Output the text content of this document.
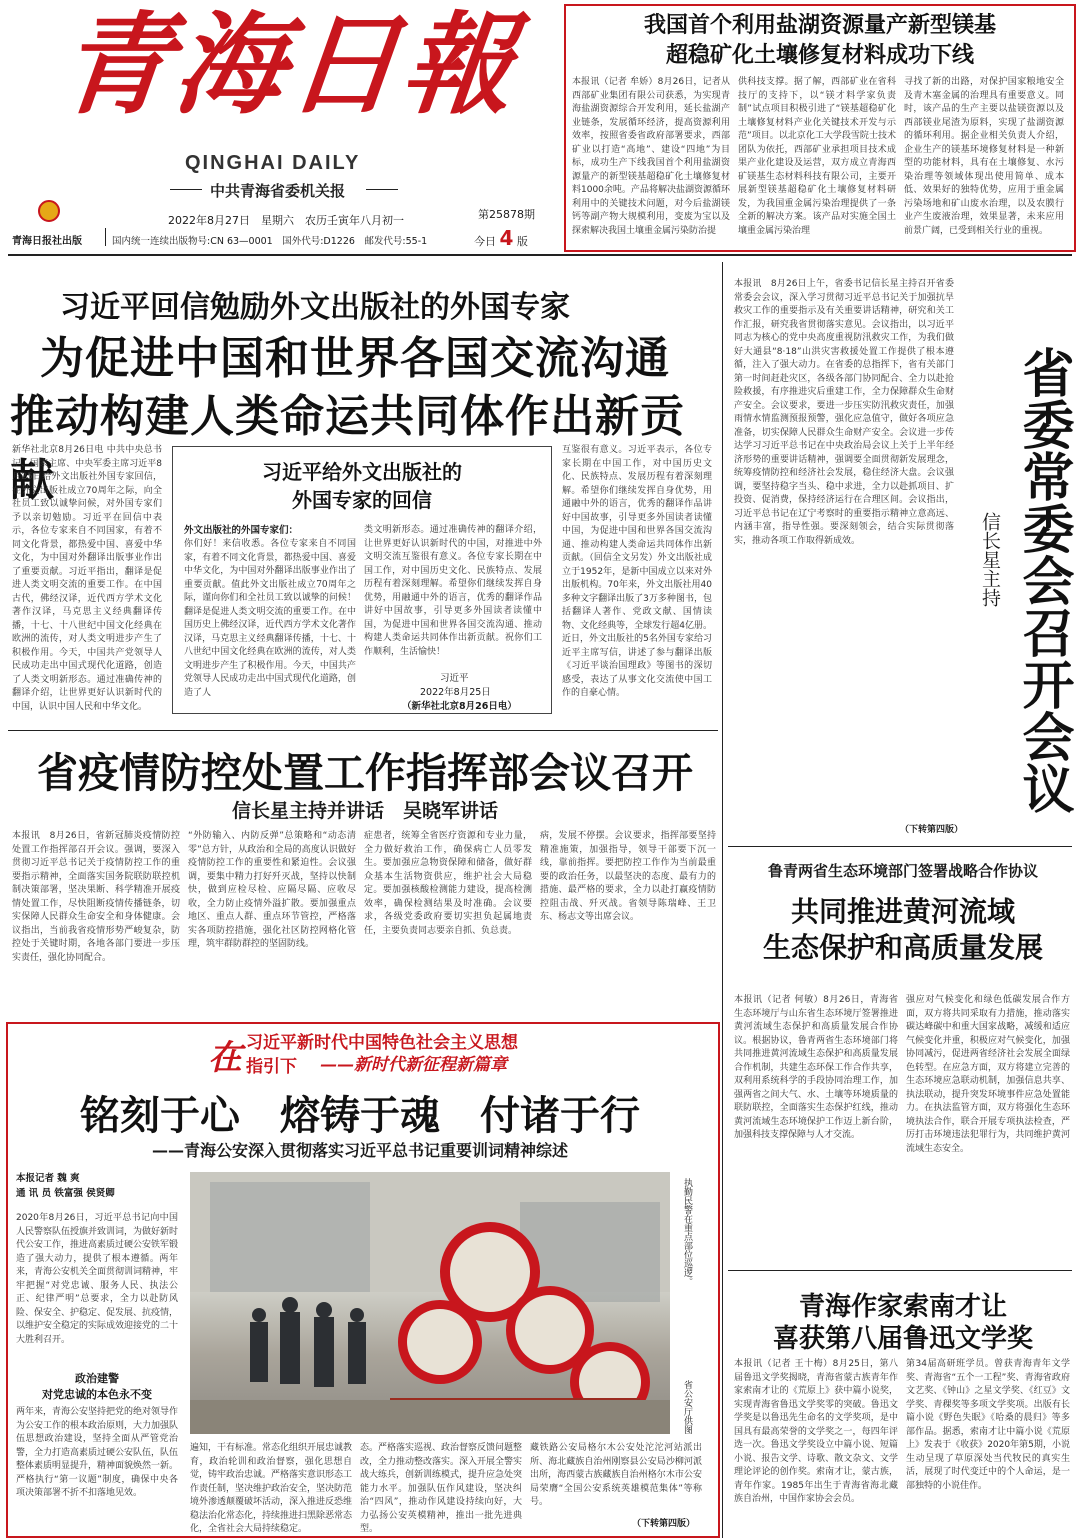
青海日報
QINGHAI DAILY
中共青海省委机关报
青海日报社出版
2022年8月27日　星期六　农历壬寅年八月初一	第25878期
国内统一连续出版物号:CN 63—0001　国外代号:D1226　邮发代号:55-1	今日 4 版
我国首个利用盐湖资源量产新型镁基
超稳矿化土壤修复材料成功下线
本报讯（记者 牟娇）8月26日，记者从西部矿业集团有限公司获悉，为实现青海盐湖资源综合开发利用，延长盐湖产业链条，发展循环经济，提高资源利用效率，按照省委省政府部署要求，西部矿业以打造“高地”、建设“四地”为目标，成功生产下线我国首个利用盐湖资源量产的新型镁基超稳矿化土壤修复材料1000余吨。产品将解决盐湖资源循环利用中的关键技术问题，对今后盐湖镁钙等副产物大规模利用，变废为宝以及探索解决我国土壤重金属污染防治提
供科技支撑。据了解，西部矿业在省科技厅的支持下，以“镁才料学家负责制”试点项目积极引进了“镁基超稳矿化土壤修复材料产业化关键技术开发与示范”项目。以北京化工大学段雪院士技术团队为依托，西部矿业承担项目技术成果产业化建设及运营，双方成立青海西矿镁基生态材料科技有限公司，主要开展新型镁基超稳矿化土壤修复材料研发，为我国重金属污染治理提供了一条全新的解决方案。该产品对实施全国土壤重金属污染治理
寻找了新的出路，对保护国家粮地安全及青木塞金属的治理具有重要意义。同时，该产品的生产主要以盐镁资源以及西部镁业尾渣为原料，实现了盐湖资源的循环利用。据企业相关负责人介绍，企业生产的镁基环境修复材料是一种新型的功能材料，具有在土壤修复、水污染治理等领域体现出使用简单、成本低、效果好的独特优势，应用于重金属污染场地和矿山废水治理，以及农膜行业产生废液治理，效果显著，未来应用前景广阔，已受到相关行业的重视。
习近平回信勉励外文出版社的外国专家
为促进中国和世界各国交流沟通
推动构建人类命运共同体作出新贡献
新华社北京8月26日电 中共中央总书记、国家主席、中央军委主席习近平8月25日给外文出版社外国专家回信，在外文出版社成立70周年之际，向全社员工致以诚挚问候，对外国专家们予以亲切勉励。习近平在回信中表示，各位专家来自不同国家，有着不同文化背景，都热爱中国、喜爱中华文化，为中国对外翻译出版事业作出了重要贡献。习近平指出，翻译是促进人类文明交流的重要工作。在中国古代，佛经汉译，近代西方学术文化著作汉译，马克思主义经典翻译传播，十七、十八世纪中国文化经典在欧洲的流传，对人类文明进步产生了积极作用。今天，中国共产党领导人民成功走出中国式现代化道路，创造了人类文明新形态。通过准确传神的翻译介绍，让世界更好认识新时代的中国，认识中国人民和中华文化。
互鉴很有意义。习近平表示，各位专家长期在中国工作，对中国历史文化、民族特点、发展历程有着深刻理解。希望你们继续发挥自身优势，用通融中外的语言，优秀的翻译作品讲好中国故事，引导更多外国读者读懂中国，为促进中国和世界各国交流沟通、推动构建人类命运共同体作出新贡献。（回信全文另发）外文出版社成立于1952年，是新中国成立以来对外出版机构。70年来，外文出版社用40多种文字翻译出版了3万多种图书，包括翻译人著作、党政文献、国情读物、文化经典等，全球发行超4亿册。近日，外文出版社的5名外国专家给习近平主席写信，讲述了参与翻译出版《习近平谈治国理政》等图书的深切感受，表达了从事文化交流使中国工作的自豪心情。
习近平给外文出版社的
外国专家的回信
外文出版社的外国专家们：
你们好！来信收悉。各位专家来自不同国家，有着不同文化背景，都热爱中国、喜爱中华文化，为中国对外翻译出版事业作出了重要贡献。值此外文出版社成立70周年之际，谨向你们和全社员工致以诚挚的问候！翻译是促进人类文明交流的重要工作。在中国历史上佛经汉译，近代西方学术文化著作汉译，马克思主义经典翻译传播，十七、十八世纪中国文化经典在欧洲的流传，对人类文明进步产生了积极作用。今天，中国共产党领导人民成功走出中国式现代化道路，创造了人
类文明新形态。通过准确传神的翻译介绍，让世界更好认识新时代的中国，对推进中外文明交流互鉴很有意义。各位专家长期在中国工作，对中国历史文化、民族特点、发展历程有着深刻理解。希望你们继续发挥自身优势，用融通中外的语言，优秀的翻译作品讲好中国故事，引导更多外国读者读懂中国，为促进中国和世界各国交流沟通、推动构建人类命运共同体作出新贡献。祝你们工作顺利，生活愉快！
习近平
2022年8月25日
（新华社北京8月26日电）
本报讯　8月26日上午，省委书记信长星主持召开省委常委会会议，深入学习贯彻习近平总书记关于加强抗旱救灾工作的重要指示及有关重要讲话精神，研究和关工作汇报，研究我省贯彻落实意见。会议指出，以习近平同志为核心的党中央高度重视防汛救灾工作，为我们做好大通县“8·18”山洪灾害救援处置工作提供了根本遵循，注入了强大动力。在省委的总指挥下，省有关部门第一时间赶赴灾区，各级各部门协同配合、全力以赴抢险救援，有序推进灾后重建工作，全力保障群众生命财产安全。会议要求，要进一步压实防汛救灾责任，加强雨情水情监测预报预警，强化应急值守，做好各项应急准备，切实保障人民群众生命财产安全。会议进一步传达学习习近平总书记在中央政治局会议上关于上半年经济形势的重要讲话精神，强调要全面贯彻新发展理念，统筹疫情防控和经济社会发展，稳住经济大盘。会议强调，要坚持稳字当头、稳中求进，全力以赴抓项目、扩投资、促消费，保持经济运行在合理区间。会议指出，习近平总书记在辽宁考察时的重要指示精神立意高远、内涵丰富，指导性强。要深刻领会，结合实际贯彻落实，推动各项工作取得新成效。
（下转第四版）
省委常委会召开会议
信长星主持
鲁青两省生态环境部门签署战略合作协议
共同推进黄河流域
生态保护和高质量发展
本报讯（记者 何敏）8月26日，青海省生态环境厅与山东省生态环境厅签署推进黄河流域生态保护和高质量发展合作协议。根据协议，鲁青两省生态环境部门将共同推进黄河流域生态保护和高质量发展合作机制，共建生态环保工作合作共享，双利用系统科学的手段协同治理工作，加强两省之间大气、水、土壤等环境质量的联防联控，全面落实生态保护红线，推动黄河流域生态环境保护工作迈上新台阶，加强科技支撑保障与人才交流。
强应对气候变化和绿色低碳发展合作方面，双方将共同采取有力措施，推动落实碳达峰碳中和重大国家战略，减缓和适应气候变化并重，积极应对气候变化，加强协同减污，促进两省经济社会发展全面绿色转型。在应急方面，双方将建立完善的生态环境应急联动机制，加强信息共享、执法联动，提升突发环境事件应急处置能力。在执法监管方面，双方将强化生态环境执法合作，联合开展专项执法检查，严厉打击环境违法犯罪行为，共同维护黄河流域生态安全。
青海作家索南才让
喜获第八届鲁迅文学奖
本报讯（记者 王十梅）8月25日，第八届鲁迅文学奖揭晓，青海省蒙古族青年作家索南才让的《荒原上》获中篇小说奖，实现青海省鲁迅文学奖零的突破。鲁迅文学奖是以鲁迅先生命名的文学奖项，是中国具有最高荣誉的文学奖之一，每四年评选一次。鲁迅文学奖设立中篇小说、短篇小说、报告文学、诗歌、散文杂文、文学理论评论的创作奖。索南才让，蒙古族，青年作家。1985年出生于青海省海北藏族自治州，中国作家协会会员。
第34届高研班学员。曾获青海青年文学奖、青海省“五个一工程”奖、青海省政府文艺奖、《钟山》之星文学奖、《红豆》文学奖、青稞奖等多项文学奖项。出版有长篇小说《野色失眠》《哈桑的晨归》等多部作品。据悉，索南才让中篇小说《荒原上》发表于《收获》2020年第5期，小说生动呈现了草原深处当代牧民的真实生活，展现了时代变迁中的个人命运，是一部独特的小说佳作。
省疫情防控处置工作指挥部会议召开
信长星主持并讲话　吴晓军讲话
本报讯　8月26日，省新冠肺炎疫情防控处置工作指挥部召开会议。强调，要深入贯彻习近平总书记关于疫情防控工作的重要指示精神，全面落实国务院联防联控机制决策部署，坚决果断、科学精准开展疫情处置工作，尽快阻断疫情传播链条，切实保障人民群众生命安全和身体健康。会议指出，当前我省疫情形势严峻复杂，防控处于关键时期，各地各部门要进一步压实责任，强化协同配合。
“外防输入、内防反弹”总策略和“动态清零”总方针，从政治和全局的高度认识做好疫情防控工作的重要性和紧迫性。会议强调，要集中精力打好歼灭战，坚持以快制快，做到应检尽检、应隔尽隔、应收尽收，全力防止疫情外溢扩散。要加强重点地区、重点人群、重点环节管控，严格落实各项防控措施，强化社区防控网格化管理，筑牢群防群控的坚固防线。
症患者，统筹全省医疗资源和专业力量，全力做好救治工作，确保病亡人员零发生。要加强应急物资保障和储备，做好群众基本生活物资供应，维护社会大局稳定。要加强核酸检测能力建设，提高检测效率，确保检测结果及时准确。会议要求，各级党委政府要切实担负起属地责任，主要负责同志要亲自抓、负总责。
病，发展不停摆。会议要求，指挥部要坚持精准施策，加强指导，领导干部要下沉一线，靠前指挥。要把防控工作作为当前最重要的政治任务，以最坚决的态度、最有力的措施、最严格的要求，全力以赴打赢疫情防控阻击战、歼灭战。省领导陈瑞峰、王卫东、杨志文等出席会议。
习近平新时代中国特色社会主义思想
在 指引下 ——新时代新征程新篇章
铭刻于心　熔铸于魂　付诸于行
——青海公安深入贯彻落实习近平总书记重要训词精神综述
本报记者 魏 爽
通 讯 员 铁富强 侯贤卿
2020年8月26日，习近平总书记向中国人民警察队伍授旗并致训词，为做好新时代公安工作，推进高素质过硬公安铁军锻造了强大动力，提供了根本遵循。两年来，青海公安机关全面贯彻训词精神，牢牢把握“对党忠诚、服务人民、执法公正、纪律严明”总要求，全力以赴防风险、保安全、护稳定、促发展、抗疫情，以维护安全稳定的实际成效迎接党的二十大胜利召开。
政治建警
对党忠诚的本色永不变
两年来，青海公安坚持把党的绝对领导作为公安工作的根本政治原则，大力加强队伍思想政治建设，坚持全面从严管党治警，全力打造高素质过硬公安队伍，队伍整体素质明显提升，精神面貌焕然一新。严格执行“第一议题”制度，确保中央各项决策部署不折不扣落地见效。
执勤民警在重点部位巡逻。
省公安厅供图
遍知，干有标准。常态化组织开展忠诚教育，政治轮训和政治督察，强化思想自觉，铸牢政治忠诚。严格落实意识形态工作责任制，坚决维护政治安全，坚决防范境外渗透颠覆破坏活动，深入推进反恐维稳法治化常态化，持续推进扫黑除恶常态化，全省社会大局持续稳定。
态。严格落实巡视、政治督察反馈问题整改，全力推动整改落实。深入开展全警实战大练兵，创新训练模式，提升应急处突能力水平。加强队伍作风建设，坚决纠治“四风”，推动作风建设持续向好，大力弘扬公安英模精神，推出一批先进典型。
藏铁路公安局格尔木公安处沱沱河站派出所、海北藏族自治州刚察县公安局沙柳河派出所，海西蒙古族藏族自治州格尔木市公安局荣膺“全国公安系统英雄模范集体”等称号。
（下转第四版）
